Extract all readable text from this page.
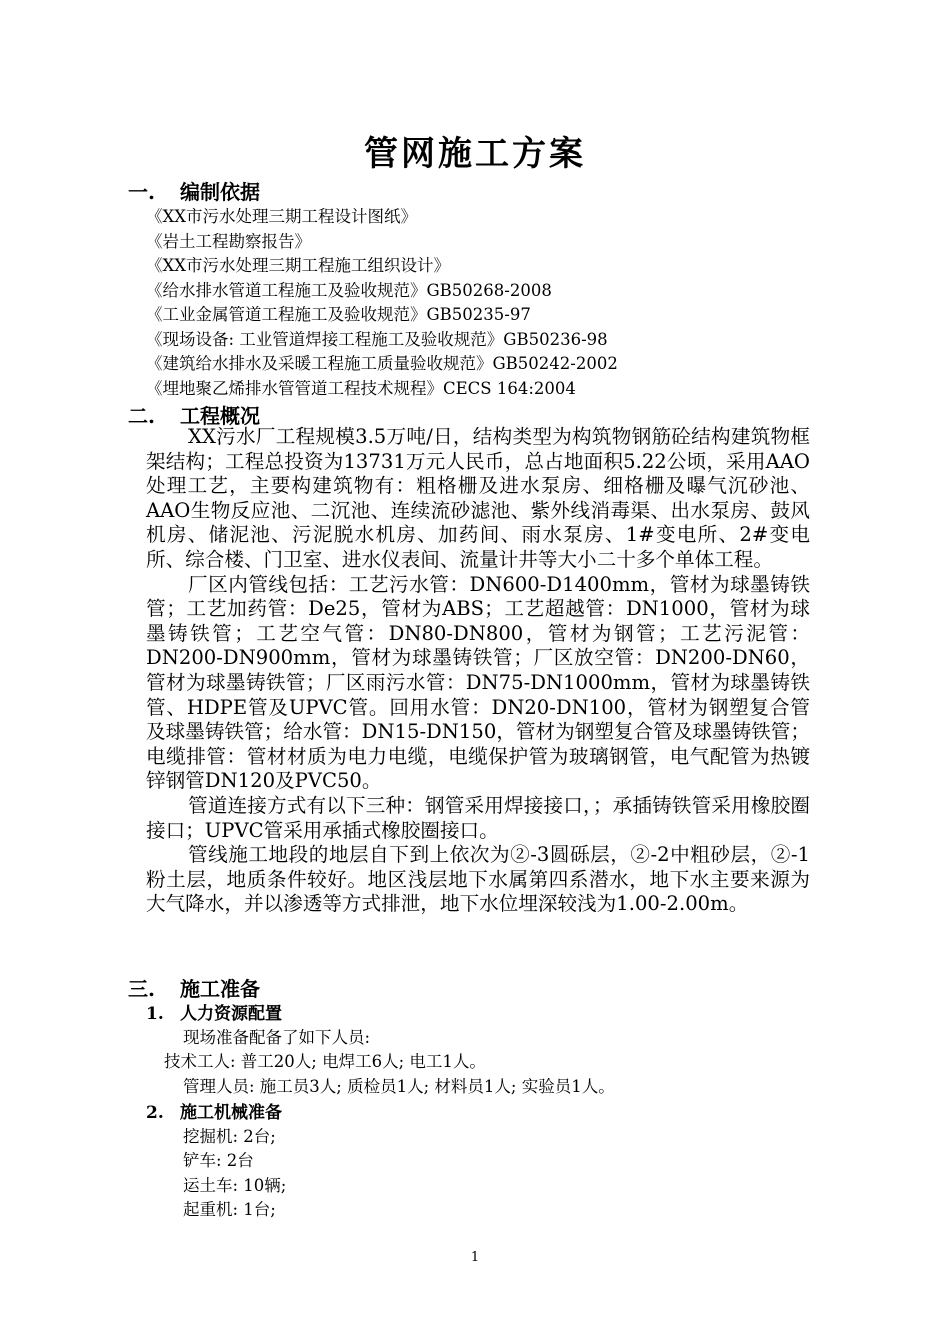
管网施工方案
一. 编制依据
《XX市污水处理三期工程设计图纸》
《岩土工程勘察报告》
《XX市污水处理三期工程施工组织设计》
《给水排水管道工程施工及验收规范》GB50268-2008
《工业金属管道工程施工及验收规范》GB50235-97
《现场设备: 工业管道焊接工程施工及验收规范》GB50236-98
《建筑给水排水及采暖工程施工质量验收规范》GB50242-2002
《埋地聚乙烯排水管管道工程技术规程》CECS 164:2004
二. 工程概况

XX污水厂工程规模3.5万吨/日，结构类型为构筑物钢筋砼结构建筑物框架结构；工程总投资为13731万元人民币，总占地面积5.22公顷，采用AAO处理工艺，主要构建筑物有：粗格栅及进水泵房、细格栅及曝气沉砂池、AAO生物反应池、二沉池、连续流砂滤池、紫外线消毒渠、出水泵房、鼓风机房、储泥池、污泥脱水机房、加药间、雨水泵房、1#变电所、2#变电所、综合楼、门卫室、进水仪表间、流量计井等大小二十多个单体工程。

厂区内管线包括：工艺污水管：DN600-D1400mm，管材为球墨铸铁管；工艺加药管：De25，管材为ABS；工艺超越管：DN1000，管材为球墨铸铁管；工艺空气管：DN80-DN800，管材为钢管；工艺污泥管：DN200-DN900mm，管材为球墨铸铁管；厂区放空管：DN200-DN60，管材为球墨铸铁管；厂区雨污水管：DN75-DN1000mm，管材为球墨铸铁管、HDPE管及UPVC管。回用水管：DN20-DN100，管材为钢塑复合管及球墨铸铁管；给水管：DN15-DN150，管材为钢塑复合管及球墨铸铁管；电缆排管：管材材质为电力电缆，电缆保护管为玻璃钢管，电气配管为热镀锌钢管DN120及PVC50。

管道连接方式有以下三种：钢管采用焊接接口，；承插铸铁管采用橡胶圈接口；UPVC管采用承插式橡胶圈接口。

管线施工地段的地层自下到上依次为②-3圆砾层，②-2中粗砂层，②-1粉土层，地质条件较好。地区浅层地下水属第四系潜水，地下水主要来源为大气降水，并以渗透等方式排泄，地下水位埋深较浅为1.00-2.00m。

三. 施工准备
1. 人力资源配置
现场准备配备了如下人员:
技术工人: 普工20人; 电焊工6人; 电工1人。
管理人员: 施工员3人; 质检员1人; 材料员1人; 实验员1人。
2. 施工机械准备
挖掘机: 2台;
铲车: 2台
运土车: 10辆;
起重机: 1台;
1
